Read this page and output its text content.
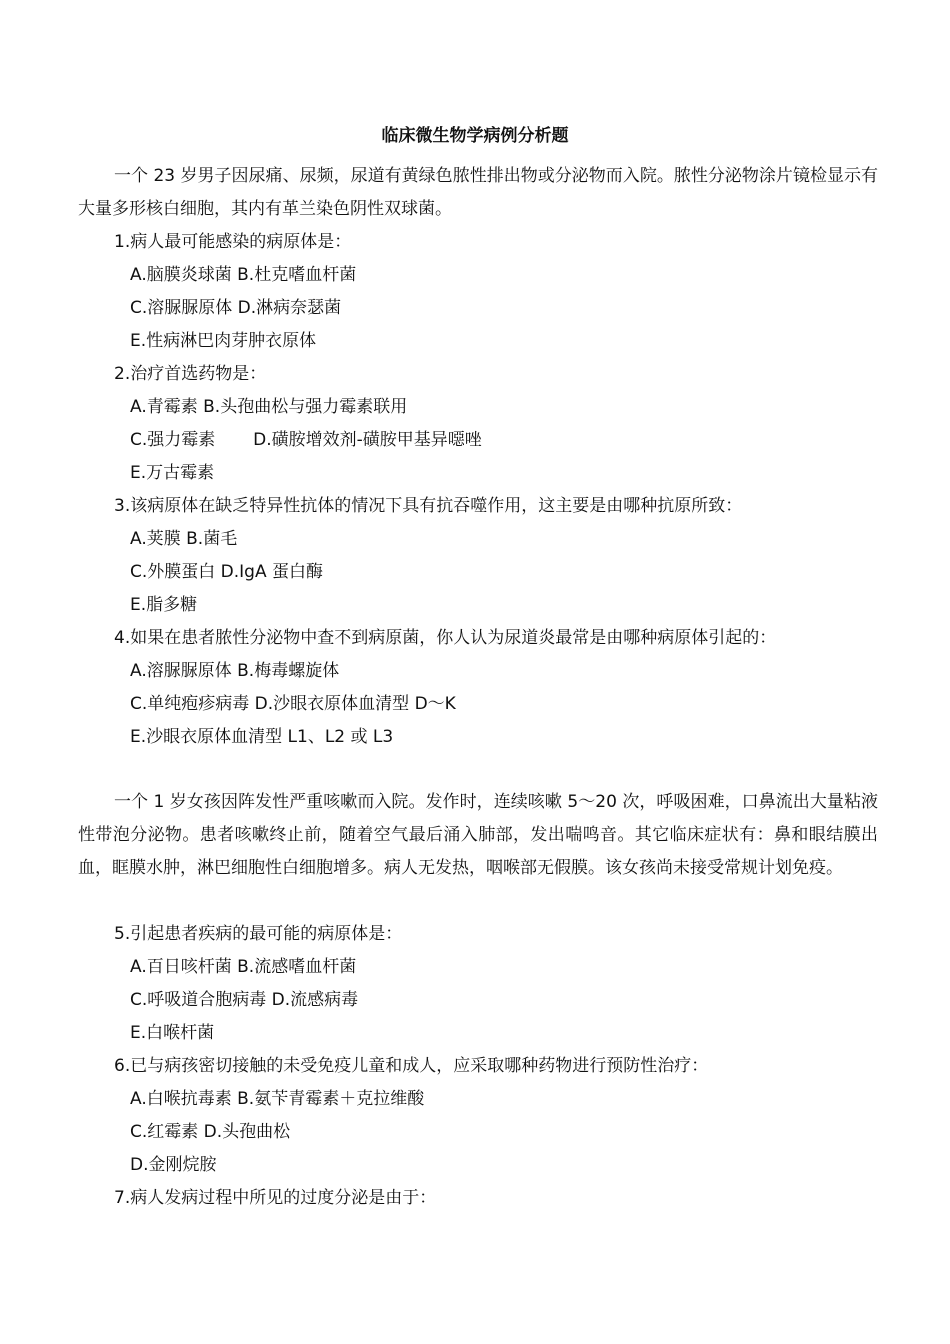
临床微生物学病例分析题
一个 23 岁男子因尿痛、尿频，尿道有黄绿色脓性排出物或分泌物而入院。脓性分泌物涂片镜检显示有大量多形核白细胞，其内有革兰染色阴性双球菌。
1.病人最可能感染的病原体是：
A.脑膜炎球菌 B.杜克嗜血杆菌
C.溶脲脲原体 D.淋病奈瑟菌
E.性病淋巴肉芽肿衣原体
2.治疗首选药物是：
A.青霉素 B.头孢曲松与强力霉素联用
C.强力霉素       D.磺胺增效剂-磺胺甲基异噁唑
E.万古霉素
3.该病原体在缺乏特异性抗体的情况下具有抗吞噬作用，这主要是由哪种抗原所致：
A.荚膜 B.菌毛
C.外膜蛋白 D.IgA 蛋白酶
E.脂多糖
4.如果在患者脓性分泌物中查不到病原菌，你人认为尿道炎最常是由哪种病原体引起的：
A.溶脲脲原体 B.梅毒螺旋体
C.单纯疱疹病毒 D.沙眼衣原体血清型 D～K
E.沙眼衣原体血清型 L1、L2 或 L3
一个 1 岁女孩因阵发性严重咳嗽而入院。发作时，连续咳嗽 5～20 次，呼吸困难，口鼻流出大量粘液性带泡分泌物。患者咳嗽终止前，随着空气最后涌入肺部，发出喘鸣音。其它临床症状有：鼻和眼结膜出血，眶膜水肿，淋巴细胞性白细胞增多。病人无发热，咽喉部无假膜。该女孩尚未接受常规计划免疫。
5.引起患者疾病的最可能的病原体是：
A.百日咳杆菌 B.流感嗜血杆菌
C.呼吸道合胞病毒 D.流感病毒
E.白喉杆菌
6.已与病孩密切接触的未受免疫儿童和成人，应采取哪种药物进行预防性治疗：
A.白喉抗毒素 B.氨苄青霉素＋克拉维酸
C.红霉素 D.头孢曲松
D.金刚烷胺
7.病人发病过程中所见的过度分泌是由于：
